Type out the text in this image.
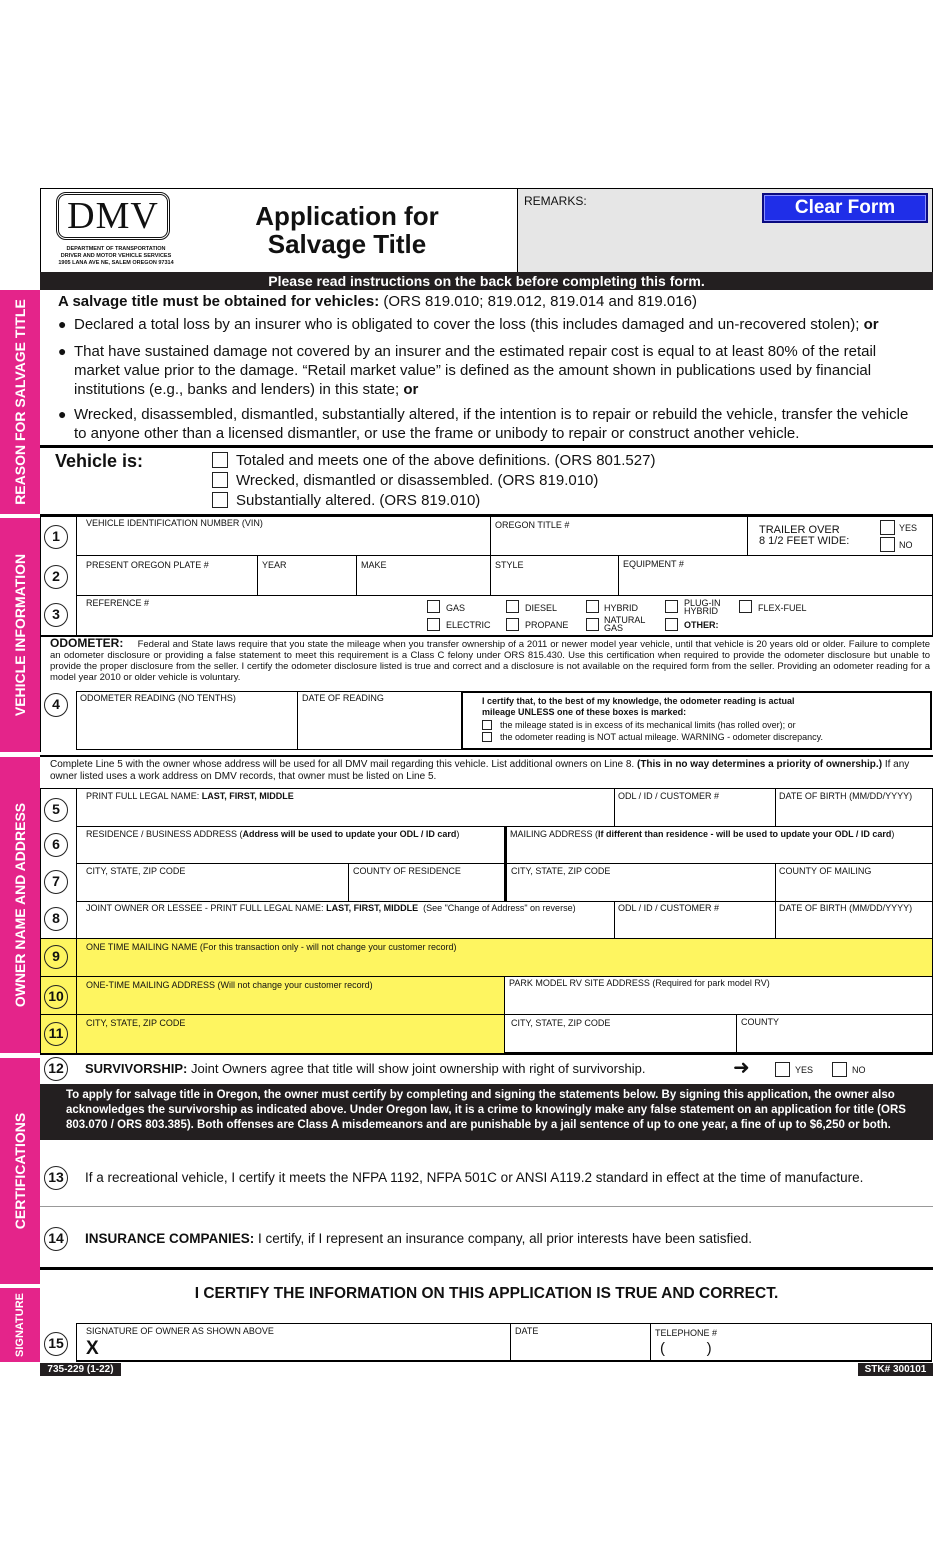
DMV
DEPARTMENT OF TRANSPORTATION
DRIVER AND MOTOR VEHICLE SERVICES
1905 LANA AVE NE, SALEM OREGON 97314
Application for
Salvage Title
REMARKS:	Clear Form
Please read instructions on the back before completing this form.
REASON FOR SALVAGE TITLE
VEHICLE INFORMATION
OWNER NAME AND ADDRESS
CERTIFICATIONS
SIGNATURE
A salvage title must be obtained for vehicles: (ORS 819.010; 819.012, 819.014 and 819.016)
● Declared a total loss by an insurer who is obligated to cover the loss (this includes damaged and un-recovered stolen); or
● That have sustained damage not covered by an insurer and the estimated repair cost is equal to at least 80% of the retail market value prior to the damage. “Retail market value” is defined as the amount shown in publications used by financial institutions (e.g., banks and lenders) in this state; or
● Wrecked, disassembled, dismantled, substantially altered, if the intention is to repair or rebuild the vehicle, transfer the vehicle to anyone other than a licensed dismantler, or use the frame or unibody to repair or construct another vehicle.
Vehicle is:	Totaled and meets one of the above definitions. (ORS 801.527)
Wrecked, dismantled or disassembled. (ORS 819.010)
Substantially altered. (ORS 819.010)
1
VEHICLE IDENTIFICATION NUMBER (VIN)	OREGON TITLE #	TRAILER OVER
8 1/2 FEET WIDE:
YES
NO
2
PRESENT OREGON PLATE #	YEAR	MAKE	STYLE	EQUIPMENT #
3
REFERENCE #	GAS
ELECTRIC
DIESEL
PROPANE
HYBRID
NATURAL
GAS
PLUG-IN
HYBRID
OTHER:
FLEX-FUEL
ODOMETER: Federal and State laws require that you state the mileage when you transfer ownership of a 2011 or newer model year vehicle, until that vehicle is 20 years old or older. Failure to complete an odometer disclosure or providing a false statement to meet this requirement is a Class C felony under ORS 815.430. Use this certification when required to provide the odometer disclosure but unable to provide the proper disclosure from the seller. I certify the odometer disclosure listed is true and correct and a disclosure is not available on the required form from the seller. Providing an odometer reading for a model year 2010 or older vehicle is voluntary.
4	ODOMETER READING (NO TENTHS)	DATE OF READING	I certify that, to the best of my knowledge, the odometer reading is actual
mileage UNLESS one of these boxes is marked:
the mileage stated is in excess of its mechanical limits (has rolled over); or
the odometer reading is NOT actual mileage. WARNING - odometer discrepancy.
Complete Line 5 with the owner whose address will be used for all DMV mail regarding this vehicle. List additional owners on Line 8. (This in no way determines a priority of ownership.) If any owner listed uses a work address on DMV records, that owner must be listed on Line 5.
5
PRINT FULL LEGAL NAME: LAST, FIRST, MIDDLE	ODL / ID / CUSTOMER #	DATE OF BIRTH (MM/DD/YYYY)
6
RESIDENCE / BUSINESS ADDRESS (Address will be used to update your ODL / ID card)	MAILING ADDRESS (If different than residence - will be used to update your ODL / ID card)
7
CITY, STATE, ZIP CODE	COUNTY OF RESIDENCE	CITY, STATE, ZIP CODE	COUNTY OF MAILING
8
JOINT OWNER OR LESSEE - PRINT FULL LEGAL NAME: LAST, FIRST, MIDDLE (See "Change of Address" on reverse)	ODL / ID / CUSTOMER #	DATE OF BIRTH (MM/DD/YYYY)
9
ONE TIME MAILING NAME (For this transaction only - will not change your customer record)
10
ONE-TIME MAILING ADDRESS (Will not change your customer record)	PARK MODEL RV SITE ADDRESS (Required for park model RV)
11
CITY, STATE, ZIP CODE	CITY, STATE, ZIP CODE	COUNTY
12	SURVIVORSHIP: Joint Owners agree that title will show joint ownership with right of survivorship.	➜	YES	NO
To apply for salvage title in Oregon, the owner must certify by completing and signing the statements below. By signing this application, the owner also acknowledges the survivorship as indicated above. Under Oregon law, it is a crime to knowingly make any false statement on an application for title (ORS 803.070 / ORS 803.385). Both offenses are Class A misdemeanors and are punishable by a jail sentence of up to one year, a fine of up to $6,250 or both.
13	If a recreational vehicle, I certify it meets the NFPA 1192, NFPA 501C or ANSI A119.2 standard in effect at the time of manufacture.
14	INSURANCE COMPANIES: I certify, if I represent an insurance company, all prior interests have been satisfied.
I CERTIFY THE INFORMATION ON THIS APPLICATION IS TRUE AND CORRECT.
15
SIGNATURE OF OWNER AS SHOWN ABOVE
X
DATE	TELEPHONE #
(          )
735-229 (1-22)	STK# 300101
